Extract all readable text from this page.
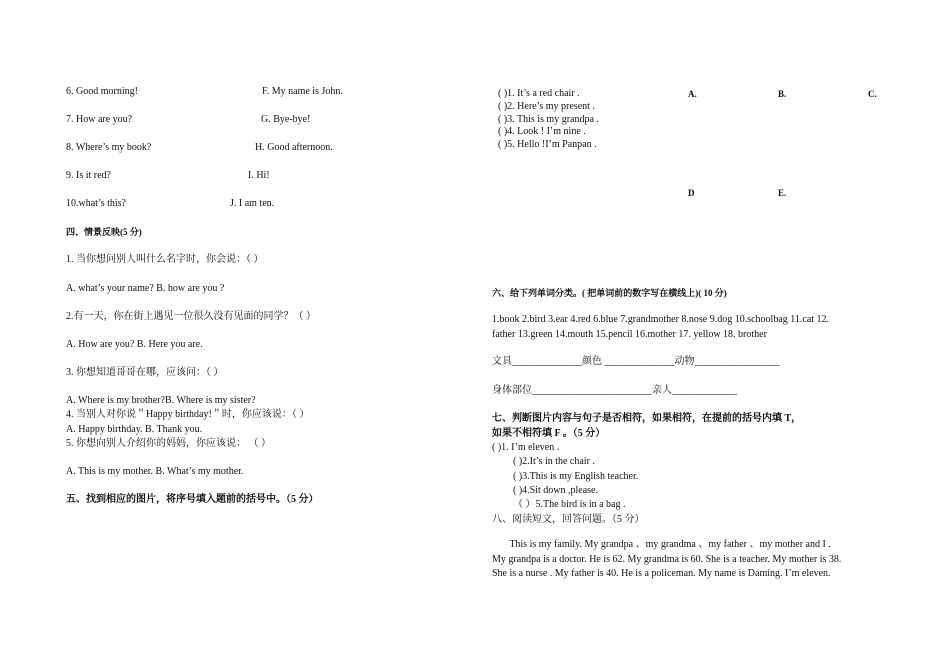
6. Good morning!	F. My name is John.
7. How are you?	G. Bye-bye!
8. Where’s my book?	H. Good afternoon.
9. Is it red?	I. Hi!
10.what’s this?	J. I am ten.
四、情景反映(5 分)
1. 当你想问别人叫什么名字时，你会说：（ ）
A. what’s your name? B. how are you ?
2.有一天，你在街上遇见一位很久没有见面的同学？（ ）
A. How are you? B. Here you are.
3. 你想知道哥哥在哪，应该问：（ ）
A. Where is my brother?B. Where is my sister?
4. 当别人对你说＂Happy birthday!＂时，你应该说：（ ）
A. Happy birthday. B. Thank you.
5. 你想向别人介绍你的妈妈，你应该说： （ ）
A. This is my mother. B. What’s my mother.
五、找到相应的图片，将序号填入题前的括号中。（5 分）
( )1. It’s a red chair .
( )2. Here’s my present .
( )3. This is my grandpa .
( )4. Look ! I’m nine .
( )5. Hello !I’m Panpan .
A.	B.	C.
D	E.
六、给下列单词分类。( 把单词前的数字写在横线上)( 10 分)
1.book 2.bird 3.ear 4.red 6.blue 7.grandmother 8.nose 9.dog 10.schoolbag 11.cat 12.
father 13.green 14.mouth 15.pencil 16.mother 17. yellow 18. brother
文具______________颜色 ______________动物_________________
身体部位________________________亲人_____________
七、判断图片内容与句子是否相符，如果相符，在提前的括号内填 T，
如果不相符填 F 。（5 分）
( )1. I’m eleven .
( )2.It’s in the chair .
( )3.This is my English teacher.
( )4.Sit down ,please.
（ ）5.The bird is in a bag .
八、阅读短文，回答问题。（5 分）
This is my family. My grandpa 、my grandma 、my father 、my mother and I .
My grandpa is a doctor. He is 62. My grandma is 60. She is a teacher. My mother is 38.
She is a nurse . My father is 40. He is a policeman. My name is Daming. I’m eleven.
